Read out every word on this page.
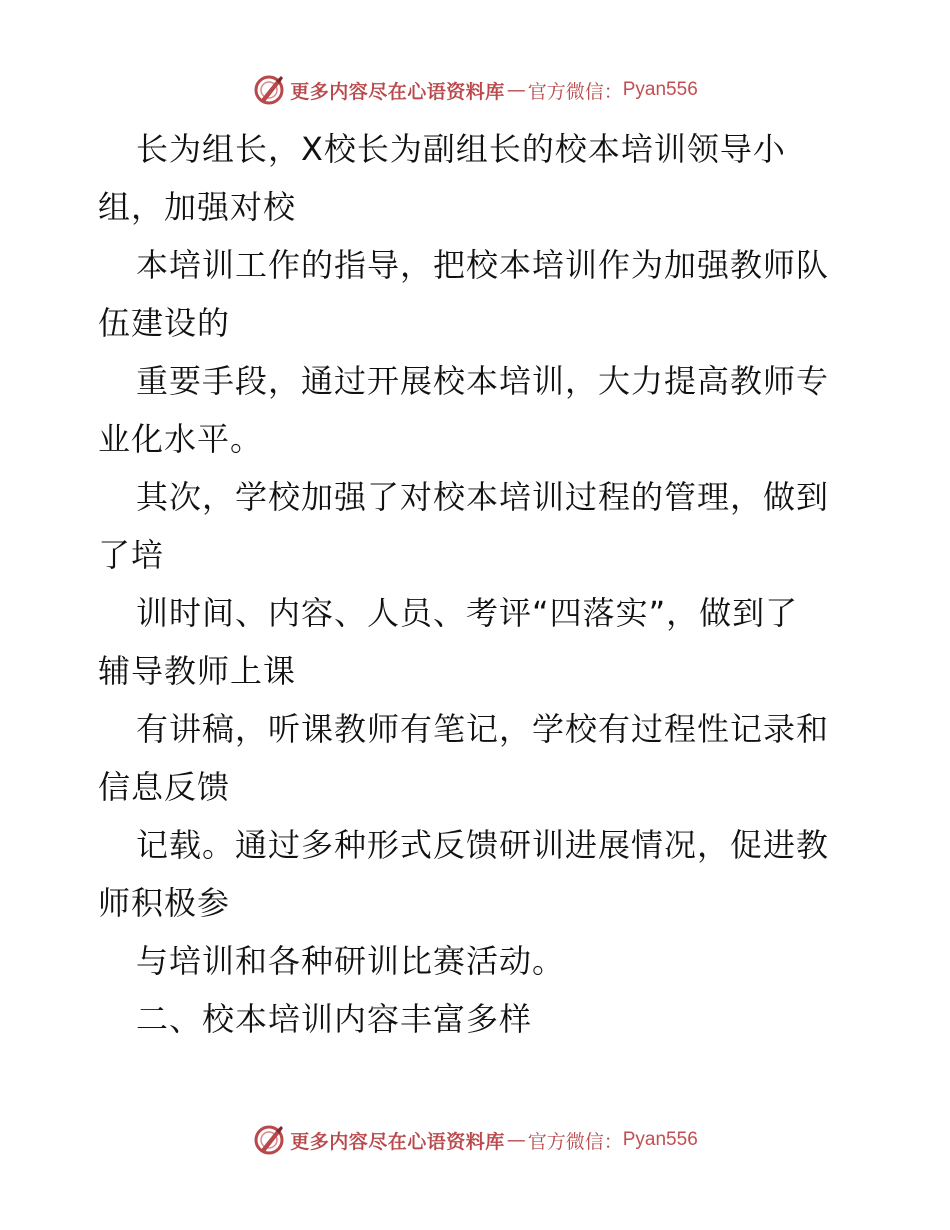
更多内容尽在心语资料库 — 官方微信： Pyan556
长为组长，X校长为副组长的校本培训领导小
组，加强对校
本培训工作的指导，把校本培训作为加强教师队
伍建设的
重要手段，通过开展校本培训，大力提高教师专
业化水平。
其次，学校加强了对校本培训过程的管理，做到
了培
训时间、内容、人员、考评“四落实”，做到了
辅导教师上课
有讲稿，听课教师有笔记，学校有过程性记录和
信息反馈
记载。通过多种形式反馈研训进展情况，促进教
师积极参
与培训和各种研训比赛活动。
二、校本培训内容丰富多样
更多内容尽在心语资料库 — 官方微信： Pyan556
